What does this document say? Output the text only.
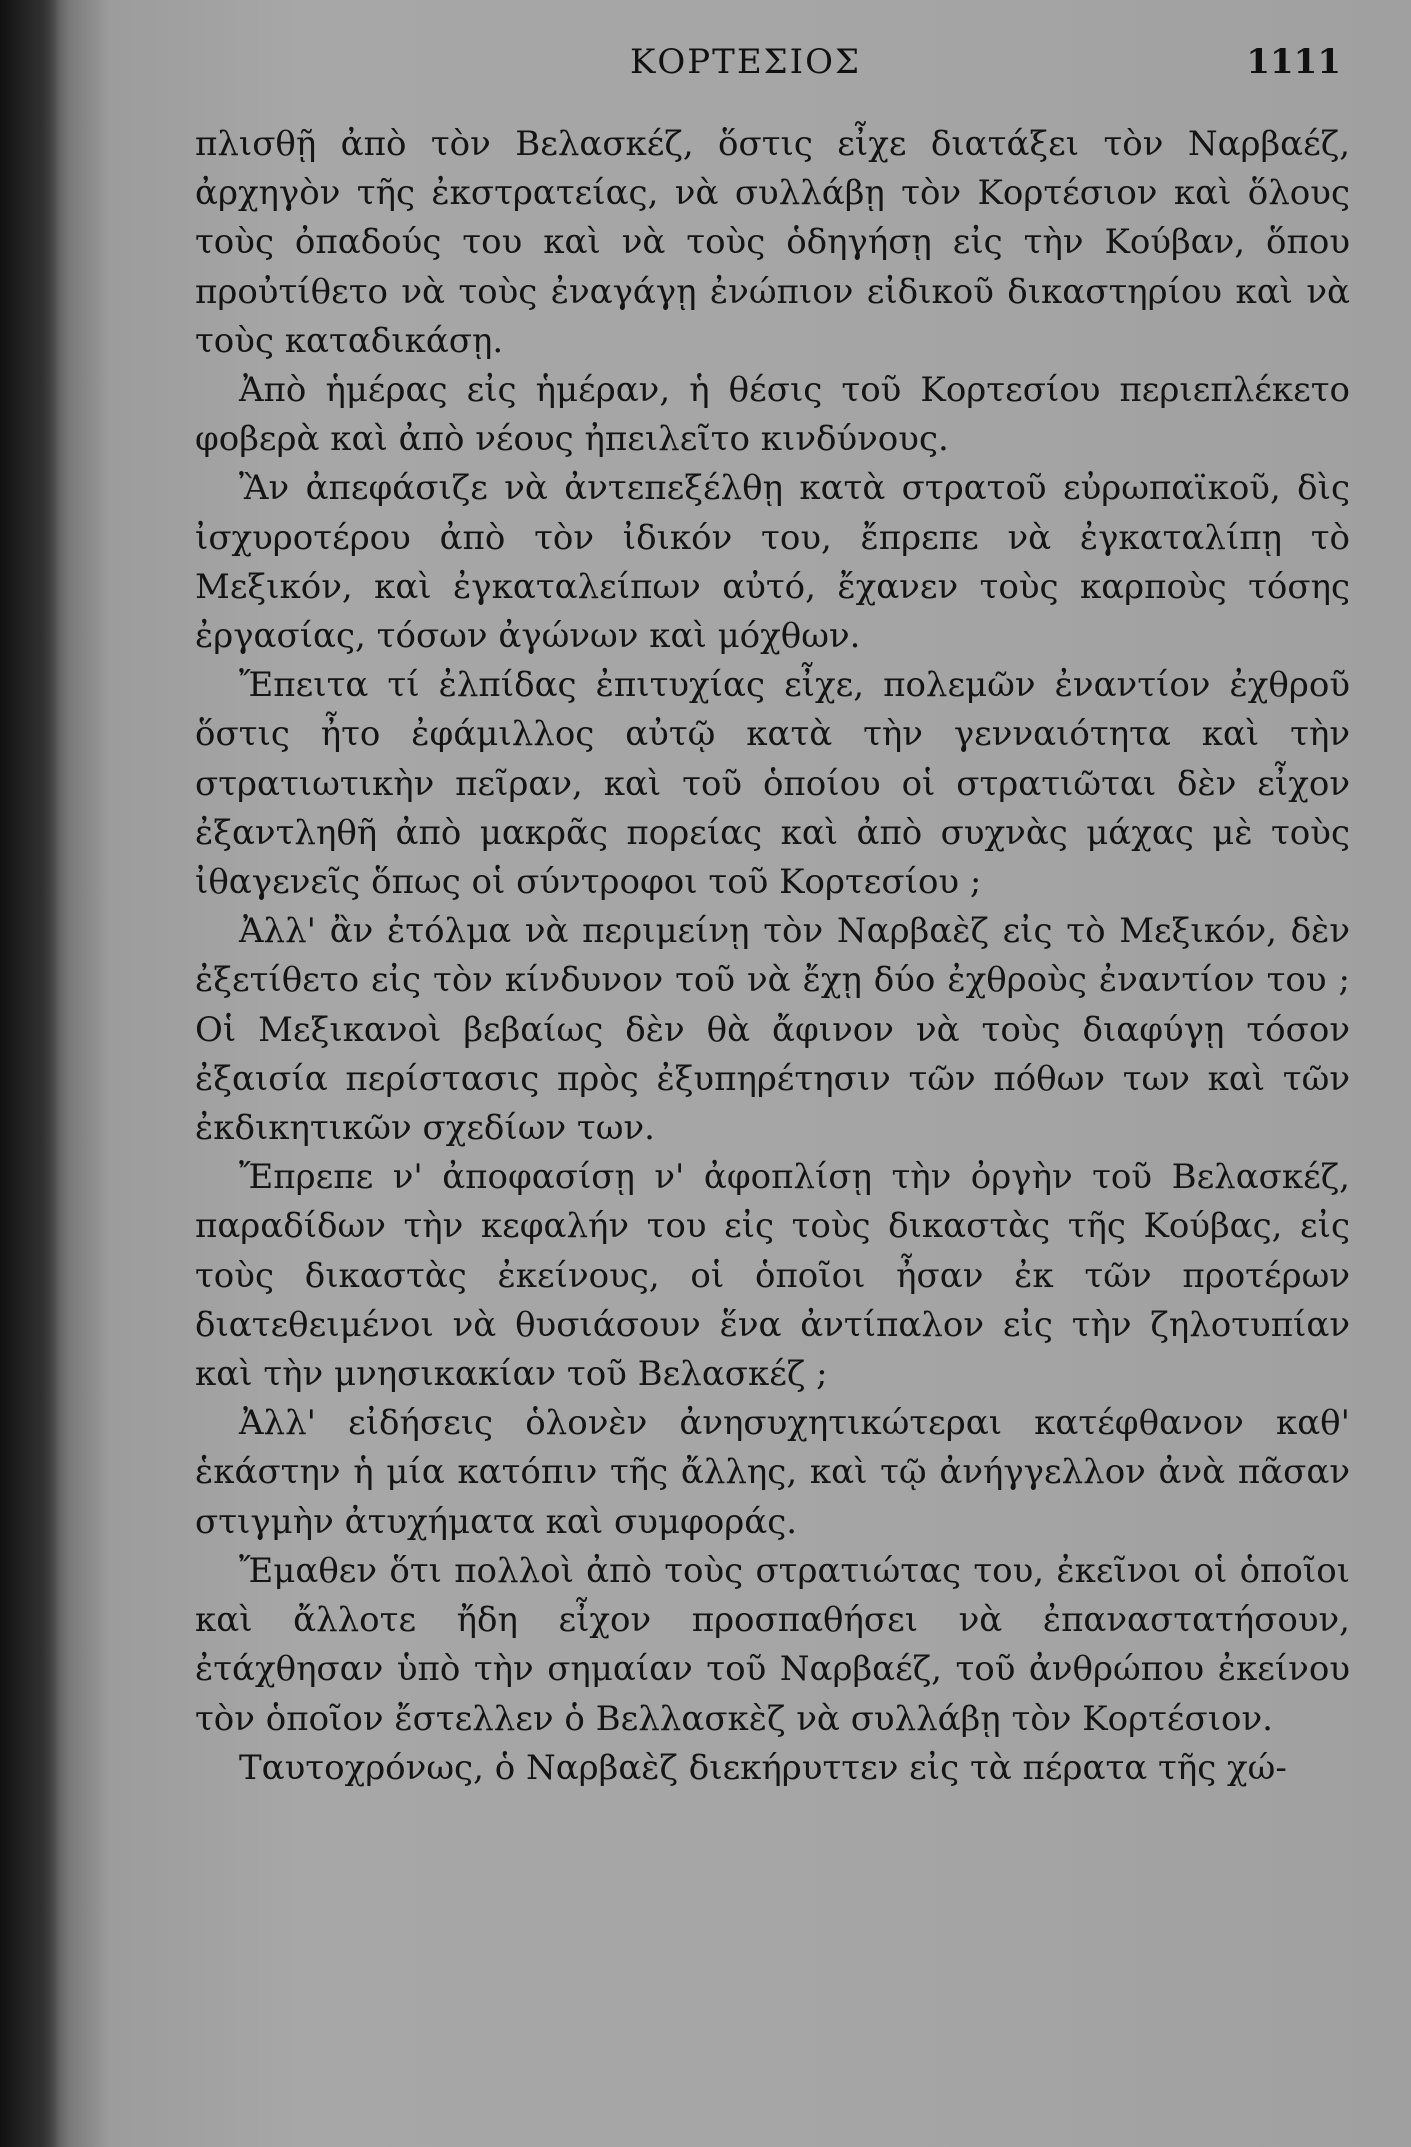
ΚΟΡΤΕΣΙΟΣ	1111

πλισθῇ ἀπὸ τὸν Βελασκέζ, ὅστις εἶχε διατάξει τὸν Ναρβαέζ, ἀρχηγὸν τῆς ἐκστρατείας, νὰ συλλάβῃ τὸν Κορτέσιον καὶ ὅλους τοὺς ὀπαδούς του καὶ νὰ τοὺς ὁδηγήσῃ εἰς τὴν Κούβαν, ὅπου προὐτίθετο νὰ τοὺς ἐναγάγῃ ἐνώπιον εἰδικοῦ δικαστηρίου καὶ νὰ τοὺς καταδικάσῃ.

Ἀπὸ ἡμέρας εἰς ἡμέραν, ἡ θέσις τοῦ Κορτεσίου περιεπλέκετο φοβερὰ καὶ ἀπὸ νέους ἠπειλεῖτο κινδύνους.

Ἂν ἀπεφάσιζε νὰ ἀντεπεξέλθῃ κατὰ στρατοῦ εὐρωπαϊκοῦ, δὶς ἰσχυροτέρου ἀπὸ τὸν ἰδικόν του, ἔπρεπε νὰ ἐγκαταλίπῃ τὸ Μεξικόν, καὶ ἐγκαταλείπων αὐτό, ἔχανεν τοὺς καρποὺς τόσης ἐργασίας, τόσων ἀγώνων καὶ μόχθων.

Ἔπειτα τί ἐλπίδας ἐπιτυχίας εἶχε, πολεμῶν ἐναντίον ἐχθροῦ ὅστις ἦτο ἐφάμιλλος αὐτῷ κατὰ τὴν γενναιότητα καὶ τὴν στρατιωτικὴν πεῖραν, καὶ τοῦ ὁποίου οἱ στρατιῶται δὲν εἶχον ἐξαντληθῆ ἀπὸ μακρᾶς πορείας καὶ ἀπὸ συχνὰς μάχας μὲ τοὺς ἰθαγενεῖς ὅπως οἱ σύντροφοι τοῦ Κορτεσίου ;

Ἀλλ' ἂν ἐτόλμα νὰ περιμείνῃ τὸν Ναρβαὲζ εἰς τὸ Μεξικόν, δὲν ἐξετίθετο εἰς τὸν κίνδυνον τοῦ νὰ ἔχῃ δύο ἐχθροὺς ἐναντίον του ; Οἱ Μεξικανοὶ βεβαίως δὲν θὰ ἄφινον νὰ τοὺς διαφύγῃ τόσον ἐξαισία περίστασις πρὸς ἐξυπηρέτησιν τῶν πόθων των καὶ τῶν ἐκδικητικῶν σχεδίων των.

Ἔπρεπε ν' ἀποφασίσῃ ν' ἀφοπλίσῃ τὴν ὀργὴν τοῦ Βελασκέζ, παραδίδων τὴν κεφαλήν του εἰς τοὺς δικαστὰς τῆς Κούβας, εἰς τοὺς δικαστὰς ἐκείνους, οἱ ὁποῖοι ἦσαν ἐκ τῶν προτέρων διατεθειμένοι νὰ θυσιάσουν ἕνα ἀντίπαλον εἰς τὴν ζηλοτυπίαν καὶ τὴν μνησικακίαν τοῦ Βελασκέζ ;

Ἀλλ' εἰδήσεις ὁλονὲν ἀνησυχητικώτεραι κατέφθανον καθ' ἑκάστην ἡ μία κατόπιν τῆς ἄλλης, καὶ τῷ ἀνήγγελλον ἀνὰ πᾶσαν στιγμὴν ἀτυχήματα καὶ συμφοράς.

Ἔμαθεν ὅτι πολλοὶ ἀπὸ τοὺς στρατιώτας του, ἐκεῖνοι οἱ ὁποῖοι καὶ ἄλλοτε ἤδη εἶχον προσπαθήσει νὰ ἐπαναστατήσουν, ἐτάχθησαν ὑπὸ τὴν σημαίαν τοῦ Ναρβαέζ, τοῦ ἀνθρώπου ἐκείνου τὸν ὁποῖον ἔστελλεν ὁ Βελλασκὲζ νὰ συλλάβῃ τὸν Κορτέσιον.

Ταυτοχρόνως, ὁ Ναρβαὲζ διεκήρυττεν εἰς τὰ πέρατα τῆς χώ-
